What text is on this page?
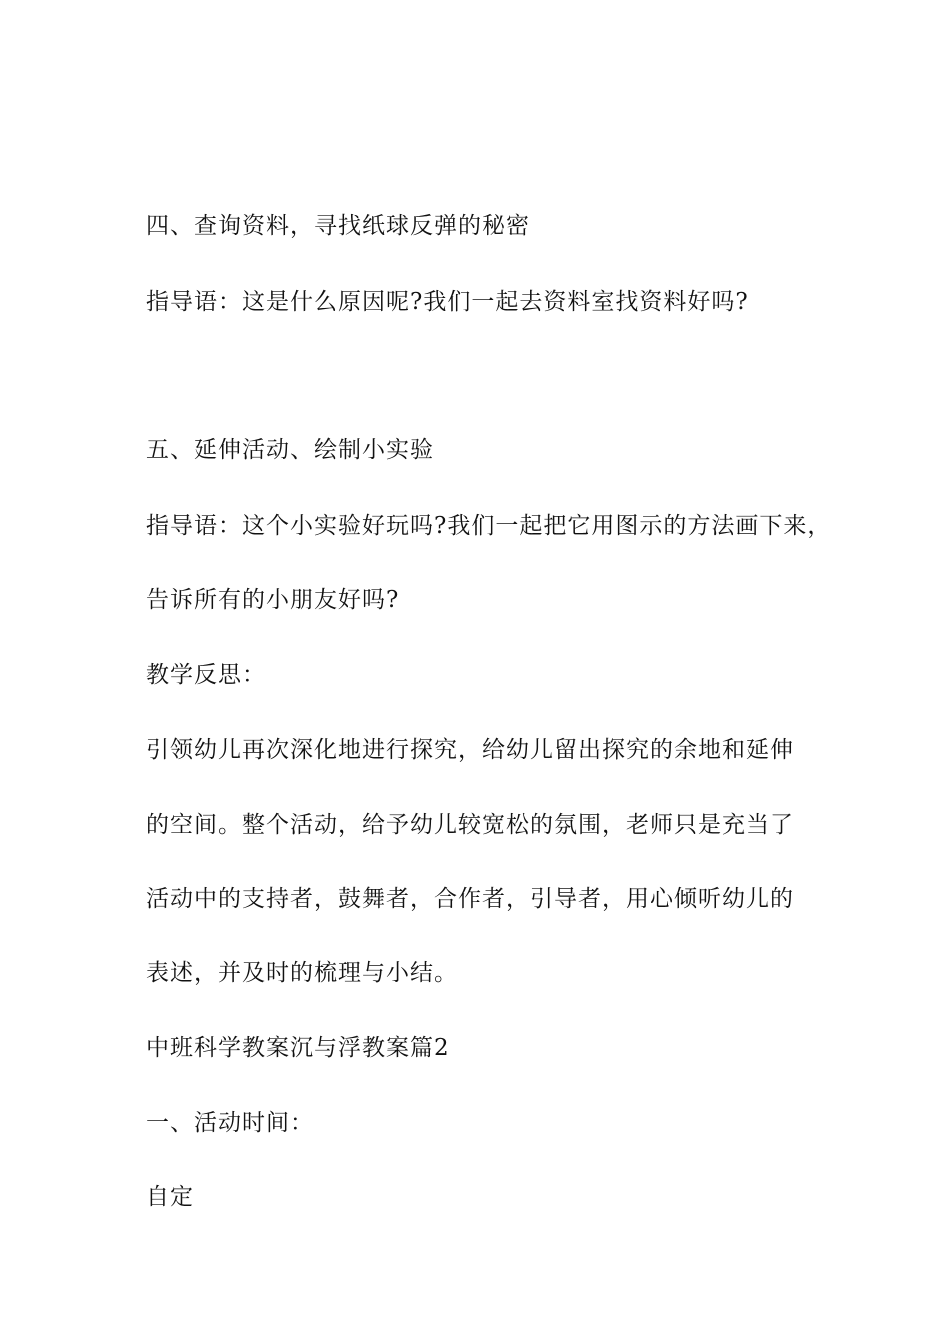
四、查询资料，寻找纸球反弹的秘密
指导语：这是什么原因呢?我们一起去资料室找资料好吗?
五、延伸活动、绘制小实验
指导语：这个小实验好玩吗?我们一起把它用图示的方法画下来，
告诉所有的小朋友好吗?
教学反思：
引领幼儿再次深化地进行探究，给幼儿留出探究的余地和延伸
的空间。整个活动，给予幼儿较宽松的氛围，老师只是充当了
活动中的支持者，鼓舞者，合作者，引导者，用心倾听幼儿的
表述，并及时的梳理与小结。
中班科学教案沉与浮教案篇2
一、活动时间：
自定
